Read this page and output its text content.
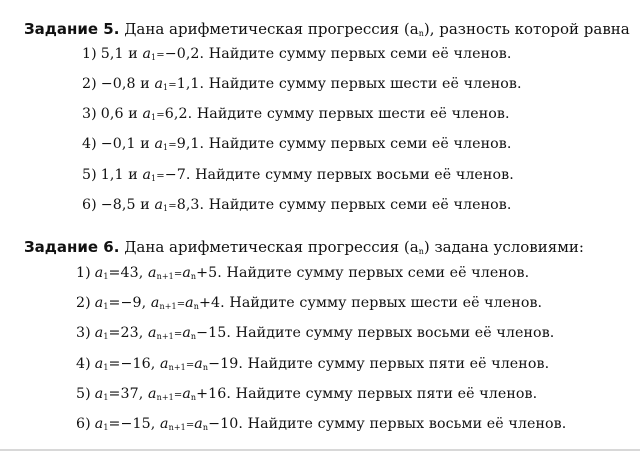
Задание 5. Дана арифметическая прогрессия $(a_n)$, разность которой равна
1) 5,1 и $a_1=-0,2$. Найдите сумму первых семи её членов.
2) −0,8 и $a_1=1,1$. Найдите сумму первых шести её членов.
3) 0,6 и $a_1=6,2$. Найдите сумму первых шести её членов.
4) −0,1 и $a_1=9,1$. Найдите сумму первых семи её членов.
5) 1,1 и $a_1=-7$. Найдите сумму первых восьми её членов.
6) −8,5 и $a_1=8,3$. Найдите сумму первых семи её членов.
Задание 6. Дана арифметическая прогрессия $(a_n)$ задана условиями:
1) $a_1=43$, $a_{n+1}=a_n+5$. Найдите сумму первых семи её членов.
2) $a_1=-9$, $a_{n+1}=a_n+4$. Найдите сумму первых шести её членов.
3) $a_1=23$, $a_{n+1}=a_n-15$. Найдите сумму первых восьми её членов.
4) $a_1=-16$, $a_{n+1}=a_n-19$. Найдите сумму первых пяти её членов.
5) $a_1=37$, $a_{n+1}=a_n+16$. Найдите сумму первых пяти её членов.
6) $a_1=-15$, $a_{n+1}=a_n-10$. Найдите сумму первых восьми её членов.
